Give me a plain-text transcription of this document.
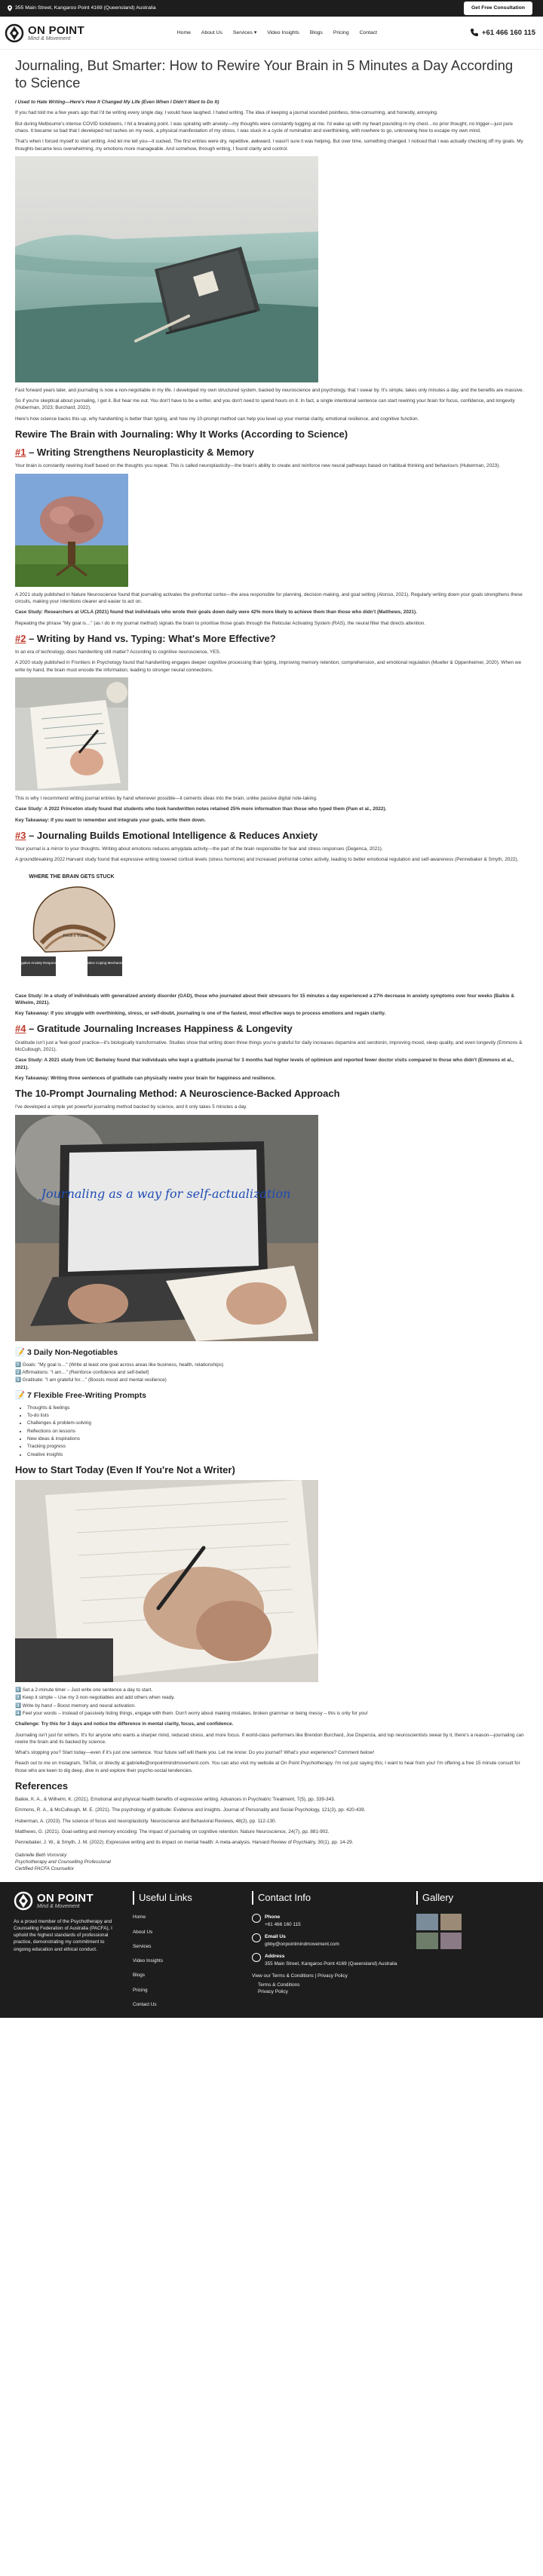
355 Main Street, Kangaroo Point 4169 (Queensland) Australia	Get Free Consultation
ON POINT
Mind & Movement
Home About Us Services ▾ Video Insights Blogs Pricing Contact	+61 466 160 115
Journaling, But Smarter: How to Rewire Your Brain in 5 Minutes a Day According to Science

I Used to Hate Writing—Here's How It Changed My Life (Even When I Didn't Want to Do It)

If you had told me a few years ago that I'd be writing every single day, I would have laughed. I hated writing. The idea of keeping a journal sounded pointless, time-consuming, and honestly, annoying.

But during Melbourne's intense COVID lockdowns, I hit a breaking point. I was spiraling with anxiety—my thoughts were constantly tugging at me. I'd wake up with my heart pounding in my chest…no prior thought, no trigger—just pure chaos. It became so bad that I developed red rashes on my neck, a physical manifestation of my stress. I was stuck in a cycle of rumination and overthinking, with nowhere to go, unknowing how to escape my own mind.

That's when I forced myself to start writing. And let me tell you—it sucked. The first entries were dry, repetitive, awkward. I wasn't sure it was helping. But over time, something changed. I noticed that I was actually checking off my goals. My thoughts became less overwhelming, my emotions more manageable. And somehow, through writing, I found clarity and control.

Fast forward years later, and journaling is now a non-negotiable in my life. I developed my own structured system, backed by neuroscience and psychology, that I swear by. It's simple, takes only minutes a day, and the benefits are massive.

So if you're skeptical about journaling, I get it. But hear me out. You don't have to be a writer, and you don't need to spend hours on it. In fact, a single intentional sentence can start rewiring your brain for focus, confidence, and longevity (Huberman, 2023; Burchard, 2022).

Here's how science backs this up, why handwriting is better than typing, and how my 10-prompt method can help you level up your mental clarity, emotional resilience, and cognitive function.

Rewire The Brain with Journaling: Why It Works (According to Science)
#1 – Writing Strengthens Neuroplasticity & Memory

Your brain is constantly rewiring itself based on the thoughts you repeat. This is called neuroplasticity—the brain's ability to create and reinforce new neural pathways based on habitual thinking and behaviours (Huberman, 2023).

A 2021 study published in Nature Neuroscience found that journaling activates the prefrontal cortex—the area responsible for planning, decision-making, and goal setting (Alonso, 2021). Regularly writing down your goals strengthens these circuits, making your intentions clearer and easier to act on.

Case Study: Researchers at UCLA (2021) found that individuals who wrote their goals down daily were 42% more likely to achieve them than those who didn't (Matthews, 2021).

Repeating the phrase "My goal is…" (as I do in my journal method) signals the brain to prioritise those goals through the Reticular Activating System (RAS), the neural filter that directs attention.

#2 – Writing by Hand vs. Typing: What's More Effective?

In an era of technology, does handwriting still matter? According to cognitive neuroscience, YES.

A 2020 study published in Frontiers in Psychology found that handwriting engages deeper cognitive processing than typing, improving memory retention, comprehension, and emotional regulation (Mueller & Oppenheimer, 2020). When we write by hand, the brain must encode the information, leading to stronger neural connections.

This is why I recommend writing journal entries by hand whenever possible—it cements ideas into the brain, unlike passive digital note-taking.

Case Study: A 2022 Princeton study found that students who took handwritten notes retained 25% more information than those who typed them (Pam et al., 2022).

Key Takeaway: If you want to remember and integrate your goals, write them down.

#3 – Journaling Builds Emotional Intelligence & Reduces Anxiety

Your journal is a mirror to your thoughts. Writing about emotions reduces amygdala activity—the part of the brain responsible for fear and stress responses (Degenca, 2021).

A groundbreaking 2022 Harvard study found that expressive writing lowered cortisol levels (stress hormone) and increased prefrontal cortex activity, leading to better emotional regulation and self-awareness (Pennebaker & Smyth, 2022).

WHERE THE BRAIN GETS STUCK
Negative Anxiety Responses	Positive Coping Mechanisms
Fresh x Tracks

Case Study: In a study of individuals with generalized anxiety disorder (GAD), those who journaled about their stressors for 15 minutes a day experienced a 27% decrease in anxiety symptoms over four weeks (Baikie & Wilhelm, 2021).

Key Takeaway: If you struggle with overthinking, stress, or self-doubt, journaling is one of the fastest, most effective ways to process emotions and regain clarity.

#4 – Gratitude Journaling Increases Happiness & Longevity

Gratitude isn't just a 'feel-good' practice—it's biologically transformative. Studies show that writing down three things you're grateful for daily increases dopamine and serotonin, improving mood, sleep quality, and even longevity (Emmons & McCullough, 2021).

Case Study: A 2021 study from UC Berkeley found that individuals who kept a gratitude journal for 3 months had higher levels of optimism and reported fewer doctor visits compared to those who didn't (Emmons et al., 2021).

Key Takeaway: Writing three sentences of gratitude can physically rewire your brain for happiness and resilience.

The 10-Prompt Journaling Method: A Neuroscience-Backed Approach

I've developed a simple yet powerful journaling method backed by science, and it only takes 5 minutes a day.

Journaling as a way for self-actualization
📝 3 Daily Non-Negotiables

1️⃣ Goals: "My goal is…" (Write at least one goal across areas like business, health, relationships)

2️⃣ Affirmations: "I am…" (Reinforce confidence and self-belief)

3️⃣ Gratitude: "I am grateful for…" (Boosts mood and mental resilience)

📝 7 Flexible Free-Writing Prompts
• Thoughts & feelings
• To-do lists
• Challenges & problem-solving
• Reflections on lessons
• New ideas & inspirations
• Tracking progress
• Creative insights
How to Start Today (Even If You're Not a Writer)

1️⃣ Set a 2-minute timer – Just write one sentence a day to start.

2️⃣ Keep it simple – Use my 3 non-negotiables and add others when ready.

3️⃣ Write by hand – Boost memory and neural activation.

4️⃣ Feel your words – Instead of passively listing things, engage with them. Don't worry about making mistakes, broken grammar or being messy – this is only for you!

Challenge: Try this for 3 days and notice the difference in mental clarity, focus, and confidence.

Journaling isn't just for writers. It's for anyone who wants a sharper mind, reduced stress, and more focus. If world-class performers like Brendon Burchard, Joe Dispenza, and top neuroscientists swear by it, there's a reason—journaling can rewire the brain and its backed by science.

What's stopping you? Start today—even if it's just one sentence. Your future self will thank you. Let me know: Do you journal? What's your experience? Comment below!

Reach out to me on Instagram, TikTok, or directly at gabrielle@onpointmindmovement.com. You can also visit my website at On Point Psychotherapy. I'm not just saying this; I want to hear from you! I'm offering a free 15 minute consult for those who are keen to dig deep, dive in and explore their psycho-social tendencies.

References

Baikie, K. A., & Wilhelm, K. (2021). Emotional and physical health benefits of expressive writing. Advances in Psychiatric Treatment, 7(5), pp. 339-343.

Emmons, R. A., & McCullough, M. E. (2021). The psychology of gratitude: Evidence and insights. Journal of Personality and Social Psychology, 121(3), pp. 420-439.

Huberman, A. (2023). The science of focus and neuroplasticity. Neuroscience and Behavioral Reviews, 48(2), pp. 112-130.

Matthews, G. (2021). Goal-setting and memory encoding: The impact of journaling on cognitive retention. Nature Neuroscience, 24(7), pp. 881-902.

Pennebaker, J. W., & Smyth, J. M. (2022). Expressive writing and its impact on mental health: A meta-analysis. Harvard Review of Psychiatry, 30(1), pp. 14-29.

Gabrielle Beth Vorovsky
Psychotherapy and Counselling Professional
Certified PACFA Counsellor
ON POINT
Mind & Movement
As a proud member of the Psychotherapy and Counselling Federation of Australia (PACFA), I uphold the highest standards of professional practice, demonstrating my commitment to ongoing education and ethical conduct.
Useful Links
Home
About Us
Services
Video Insights
Blogs
Pricing
Contact Us
Contact Info
Phone
+61 466 160 115
Email Us
gbby@onpointmindmovement.com
Address
355 Main Street, Kangaroo Point 4169 (Queensland) Australia
View our Terms & Conditions | Privacy Policy
Terms & Conditions
Privacy Policy
Gallery
